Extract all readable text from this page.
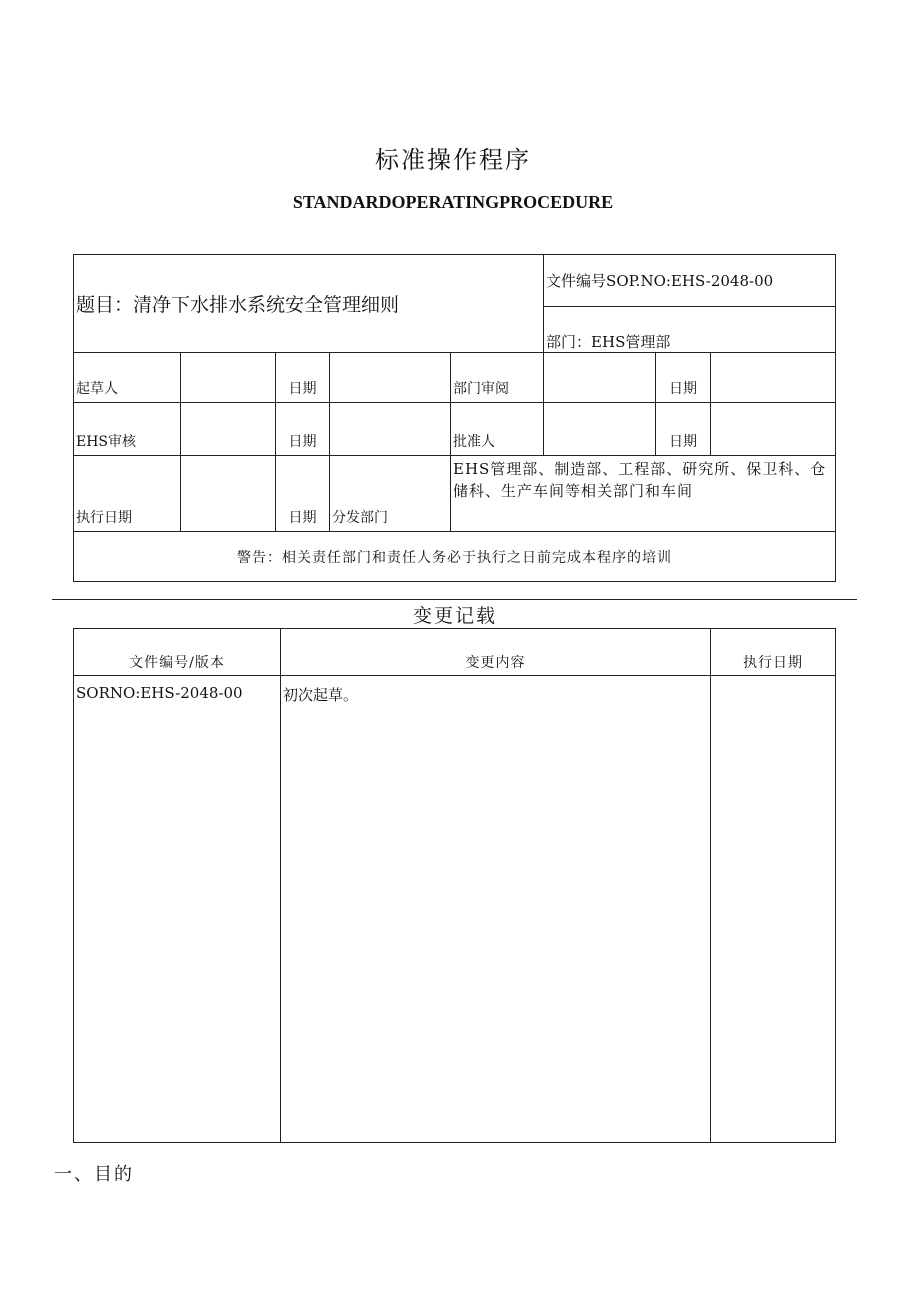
标准操作程序
STANDARDOPERATINGPROCEDURE
题目：清净下水排水系统安全管理细则					文件编号SOP.NO:EHS-2048-00		
					部门：EHS管理部		
起草人		日期		部门审阅		日期	
EHS审核		日期		批准人		日期	
执行日期		日期	分发部门	EHS管理部、制造部、工程部、研究所、保卫科、仓储科、生产车间等相关部门和车间			
警告：相关责任部门和责任人务必于执行之日前完成本程序的培训							
变更记载
文件编号/版本	变更内容	执行日期
SORNO:EHS-2048-00	初次起草。	
一、目的
